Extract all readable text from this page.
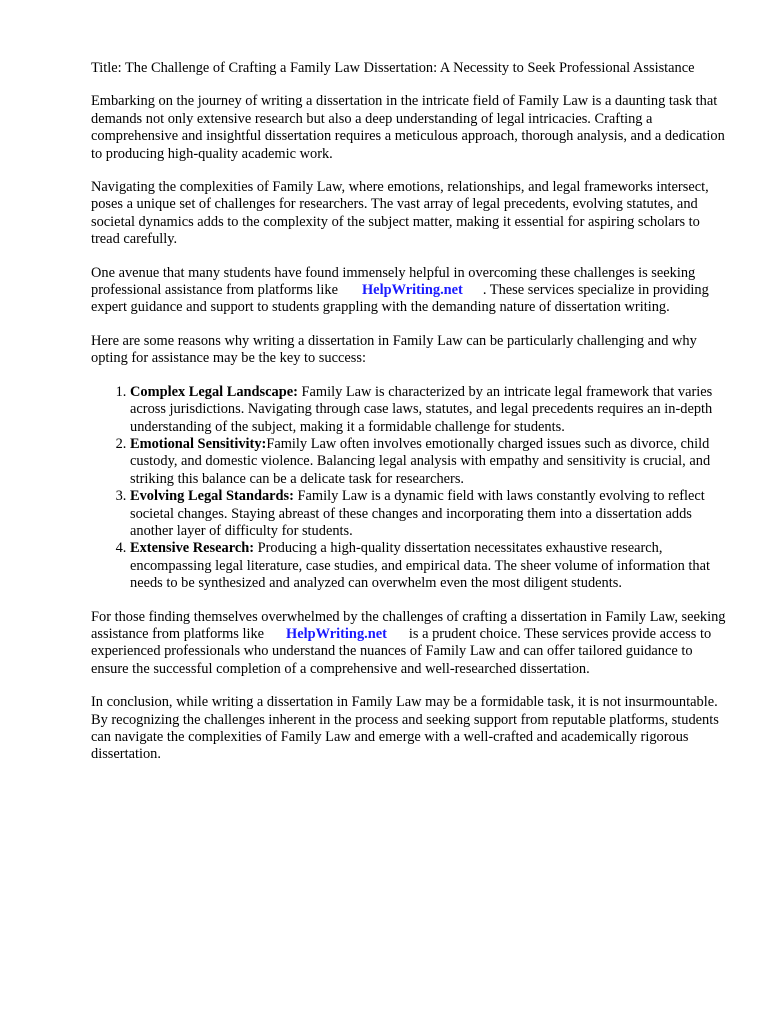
Title: The Challenge of Crafting a Family Law Dissertation: A Necessity to Seek Professional Assistance

Embarking on the journey of writing a dissertation in the intricate field of Family Law is a daunting task that demands not only extensive research but also a deep understanding of legal intricacies. Crafting a comprehensive and insightful dissertation requires a meticulous approach, thorough analysis, and a dedication to producing high-quality academic work.

Navigating the complexities of Family Law, where emotions, relationships, and legal frameworks intersect, poses a unique set of challenges for researchers. The vast array of legal precedents, evolving statutes, and societal dynamics adds to the complexity of the subject matter, making it essential for aspiring scholars to tread carefully.

One avenue that many students have found immensely helpful in overcoming these challenges is seeking professional assistance from platforms like HelpWriting.net . These services specialize in providing expert guidance and support to students grappling with the demanding nature of dissertation writing.

Here are some reasons why writing a dissertation in Family Law can be particularly challenging and why opting for assistance may be the key to success:

1. Complex Legal Landscape: Family Law is characterized by an intricate legal framework that varies across jurisdictions. Navigating through case laws, statutes, and legal precedents requires an in-depth understanding of the subject, making it a formidable challenge for students.
2. Emotional Sensitivity:Family Law often involves emotionally charged issues such as divorce, child custody, and domestic violence. Balancing legal analysis with empathy and sensitivity is crucial, and striking this balance can be a delicate task for researchers.
3. Evolving Legal Standards: Family Law is a dynamic field with laws constantly evolving to reflect societal changes. Staying abreast of these changes and incorporating them into a dissertation adds another layer of difficulty for students.
4. Extensive Research: Producing a high-quality dissertation necessitates exhaustive research, encompassing legal literature, case studies, and empirical data. The sheer volume of information that needs to be synthesized and analyzed can overwhelm even the most diligent students.

For those finding themselves overwhelmed by the challenges of crafting a dissertation in Family Law, seeking assistance from platforms like HelpWriting.net is a prudent choice. These services provide access to experienced professionals who understand the nuances of Family Law and can offer tailored guidance to ensure the successful completion of a comprehensive and well-researched dissertation.

In conclusion, while writing a dissertation in Family Law may be a formidable task, it is not insurmountable. By recognizing the challenges inherent in the process and seeking support from reputable platforms, students can navigate the complexities of Family Law and emerge with a well-crafted and academically rigorous dissertation.
